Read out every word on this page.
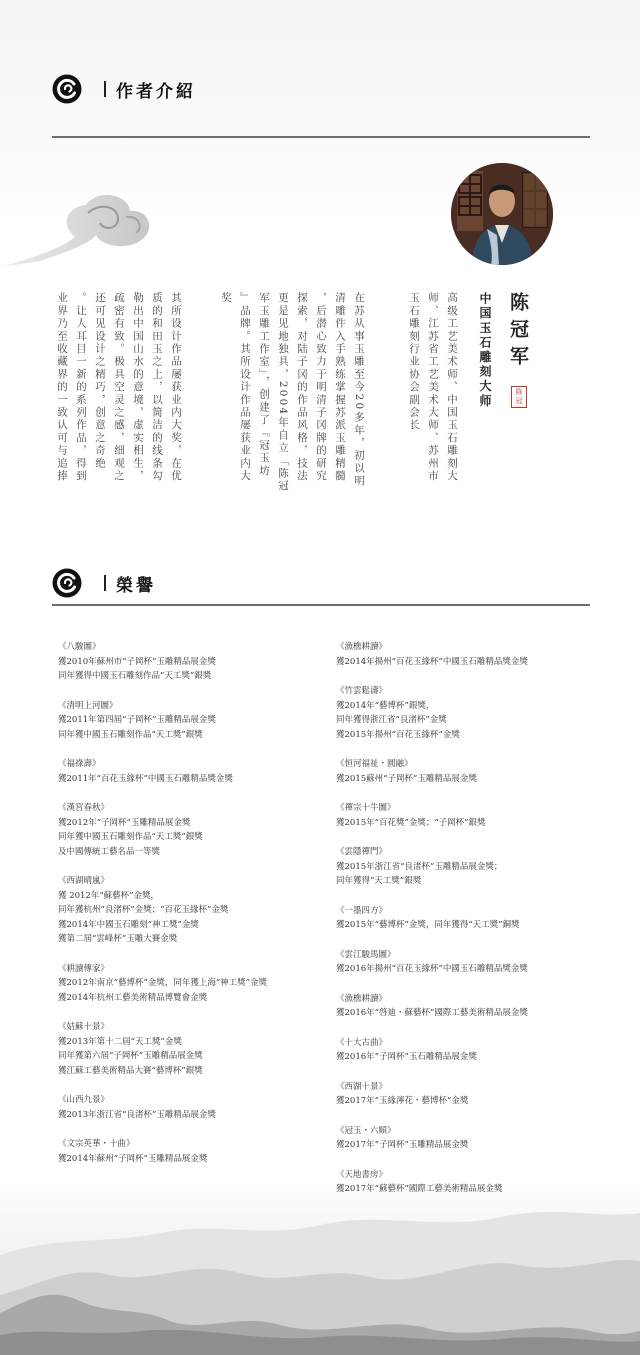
作者介紹
陈冠军
中国玉石雕刻大师	陈
冠
高级工艺美术师、中国玉石雕刻大
师、江苏省工艺美术大师、苏州市
玉石雕刻行业协会副会长
在苏从事玉雕至今20多年，初以明
清雕件入手熟练掌握苏派玉雕精髓
，后潜心致力于明清子冈牌的研究
探索，对陆子冈的作品风格，技法
更是见地独具，2004年自立「陈冠
军玉雕工作室」，创建了『冠玉坊
』品牌。其所设计作品屡获业内大
奖
其所设计作品屡获业内大奖，在优
质的和田玉之上，以简洁的线条勾
勒出中国山水的意境，虚实相生，
疏密有致。极具空灵之感，细观之
还可见设计之精巧，创意之奇绝
。让人耳目一新的系列作品，得到
业界乃至收藏界的一致认可与追捧
榮譽
《八駿圖》
獲2010年蘇州市“子岡杯”玉雕精品展金獎
同年獲得中國玉石雕刻作品“天工獎”銀獎
《清明上河圖》
獲2011年第四屆“子岡杯”玉雕精品展金獎
同年獲中國玉石雕刻作品“天工獎”銀獎
《福祿壽》
獲2011年“百花玉緣杯”中國玉石雕精品獎金獎
《漢宮春秋》
獲2012年“子岡杯”玉雕精品展金獎
同年獲中國玉石雕刻作品“天工獎”銀獎
及中國傳統工藝名品一等獎
《西湖晴嵐》
獲 2012年“蘇藝杯”金獎，
同年獲杭州“良渚杯”金獎；“百花玉緣杯”金獎
獲2014年中國玉石雕刻“神工獎”金獎
獲第二屆“雲峰杯”玉雕大賽金獎
《耕讀傳家》
獲2012年南京“藝博杯”金獎，同年獲上海“神工獎”金獎
獲2014年杭州工藝美術精品博覽會金獎
《姑蘇十景》
獲2013年第十二屆“天工獎”金獎
同年獲第六屆“子岡杯”玉雕精品展金獎
獲江蘇工藝美術精品大賽“藝博杯”銀獎
《山西九景》
獲2013年浙江省“良渚杯”玉雕精品展金獎
《文宗英華・十曲》
獲2014年蘇州“子岡杯”玉雕精品展金獎
《漁樵耕讀》
獲2014年揚州“百花玉緣杯”中國玉石雕精品獎金獎
《竹雲鬆濤》
獲2014年“藝博杯”銀獎，
同年獲得浙江省“良渚杯”金獎
獲2015年揚州“百花玉緣杯”金獎
《恒河福祉・圓融》
獲2015蘇州“子岡杯”玉雕精品展金獎
《禪宗十牛圖》
獲2015年“百花獎”金獎；“子岡杯”銀獎
《雲隱禪門》
獲2015年浙江省“良渚杯”玉雕精品展金獎；
同年獲得“天工獎”銀獎
《一墨四方》
獲2015年“藝博杯”金獎，同年獲得“天工獎”銅獎
《雲江駿馬圖》
獲2016年揚州“百花玉緣杯”中國玉石雕精品獎金獎
《漁樵耕讀》
獲2016年“啓迪・蘇藝杯”國際工藝美術精品展金獎
《十大古曲》
獲2016年“子岡杯”玉石雕精品展金獎
《西湖十景》
獲2017年“玉緣濘花・藝博杯”金獎
《冠玉・六順》
獲2017年“子岡杯”玉雕精品展金獎
《天地書房》
獲2017年“蘇藝杯”國際工藝美術精品展金獎
